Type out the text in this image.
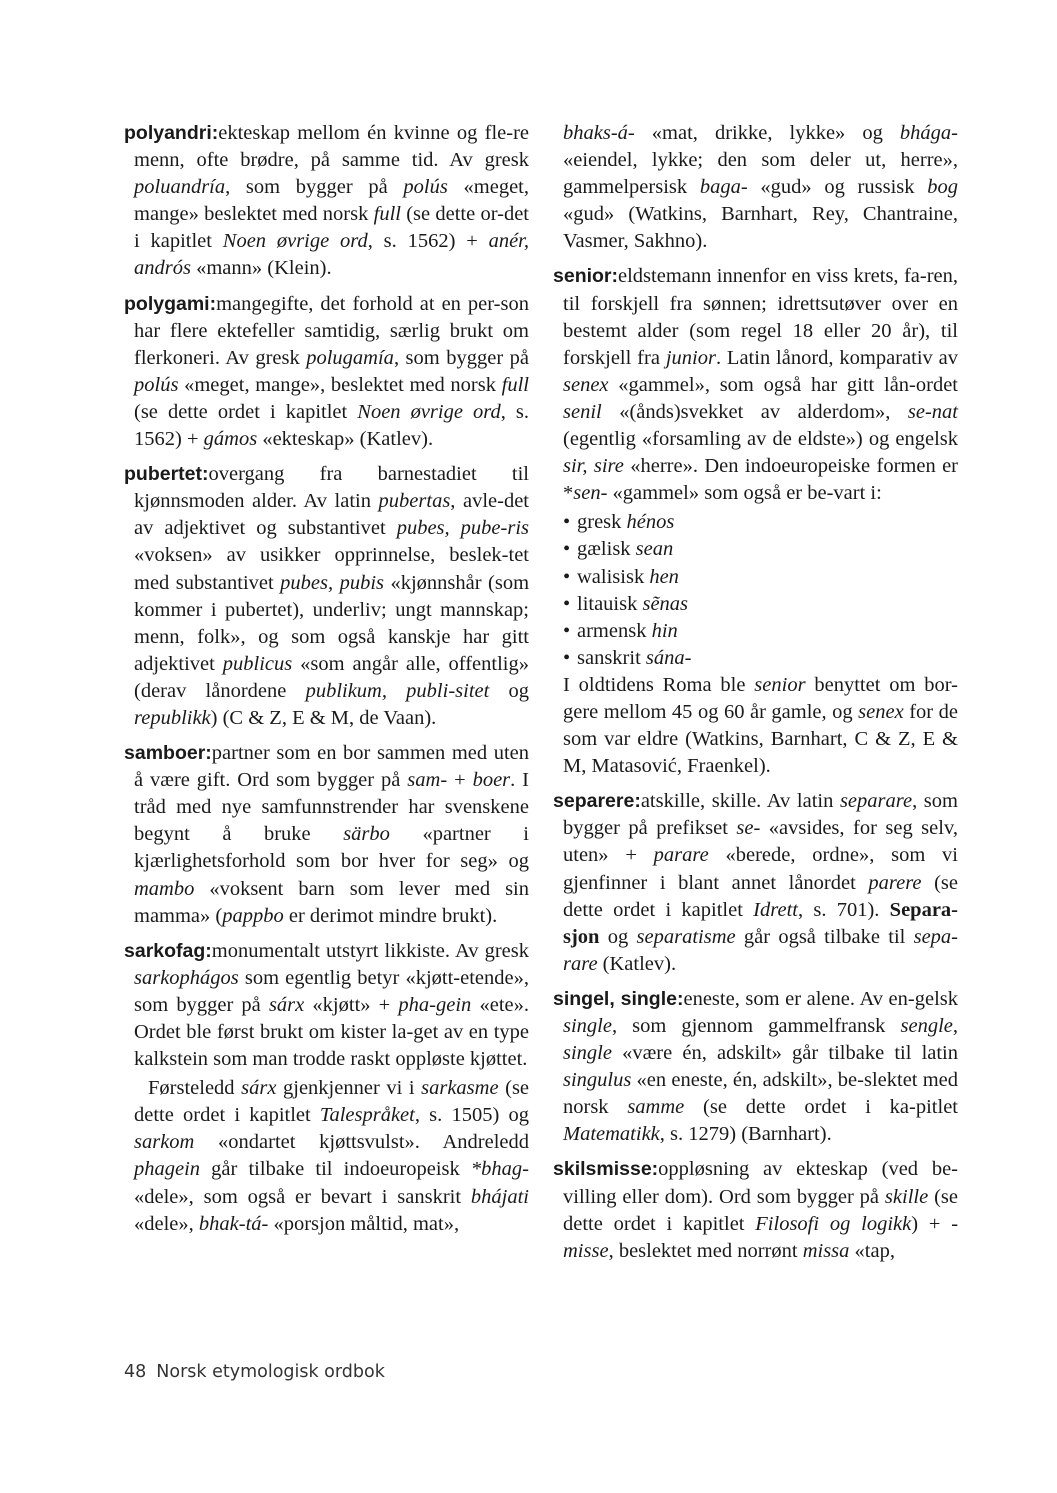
polyandri:ekteskap mellom én kvinne og fle-re menn, ofte brødre, på samme tid. Av gresk poluandría, som bygger på polús «meget, mange» beslektet med norsk full (se dette or-det i kapitlet Noen øvrige ord, s. 1562) + anér, andrós «mann» (Klein).

polygami:mangegifte, det forhold at en per-son har flere ektefeller samtidig, særlig brukt om flerkoneri. Av gresk polugamía, som bygger på polús «meget, mange», beslektet med norsk full (se dette ordet i kapitlet Noen øvrige ord, s. 1562) + gámos «ekteskap» (Katlev).

pubertet:overgang fra barnestadiet til kjønnsmoden alder. Av latin pubertas, avle-det av adjektivet og substantivet pubes, pube-ris «voksen» av usikker opprinnelse, beslek-tet med substantivet pubes, pubis «kjønnshår (som kommer i pubertet), underliv; ungt mannskap; menn, folk», og som også kanskje har gitt adjektivet publicus «som angår alle, offentlig» (derav lånordene publikum, publi-sitet og republikk) (C & Z, E & M, de Vaan).

samboer:partner som en bor sammen med uten å være gift. Ord som bygger på sam- + boer. I tråd med nye samfunnstrender har svenskene begynt å bruke särbo «partner i kjærlighetsforhold som bor hver for seg» og mambo «voksent barn som lever med sin mamma» (pappbo er derimot mindre brukt).

sarkofag:monumentalt utstyrt likkiste. Av gresk sarkophágos som egentlig betyr «kjøtt-etende», som bygger på sárx «kjøtt» + pha-gein «ete». Ordet ble først brukt om kister la-get av en type kalkstein som man trodde raskt oppløste kjøttet.

Førsteledd sárx gjenkjenner vi i sarkasme (se dette ordet i kapitlet Talespråket, s. 1505) og sarkom «ondartet kjøttsvulst». Andreledd phagein går tilbake til indoeuropeisk *bhag- «dele», som også er bevart i sanskrit bhájati «dele», bhak-tá- «porsjon måltid, mat»,

bhaks-á- «mat, drikke, lykke» og bhága- «eiendel, lykke; den som deler ut, herre», gammelpersisk baga- «gud» og russisk bog «gud» (Watkins, Barnhart, Rey, Chantraine, Vasmer, Sakhno).

senior:eldstemann innenfor en viss krets, fa-ren, til forskjell fra sønnen; idrettsutøver over en bestemt alder (som regel 18 eller 20 år), til forskjell fra junior. Latin lånord, komparativ av senex «gammel», som også har gitt lån-ordet senil «(ånds)svekket av alderdom», se-nat (egentlig «forsamling av de eldste») og engelsk sir, sire «herre». Den indoeuropeiske formen er *sen- «gammel» som også er be-vart i:

• gresk hénos
• gælisk sean
• walisisk hen
• litauisk sẽnas
• armensk hin
• sanskrit sána-

I oldtidens Roma ble senior benyttet om bor-gere mellom 45 og 60 år gamle, og senex for de som var eldre (Watkins, Barnhart, C & Z, E & M, Matasović, Fraenkel).

separere:atskille, skille. Av latin separare, som bygger på prefikset se- «avsides, for seg selv, uten» + parare «berede, ordne», som vi gjenfinner i blant annet lånordet parere (se dette ordet i kapitlet Idrett, s. 701). Separa-sjon og separatisme går også tilbake til sepa-rare (Katlev).

singel, single:eneste, som er alene. Av en-gelsk single, som gjennom gammelfransk sengle, single «være én, adskilt» går tilbake til latin singulus «en eneste, én, adskilt», be-slektet med norsk samme (se dette ordet i ka-pitlet Matematikk, s. 1279) (Barnhart).

skilsmisse:oppløsning av ekteskap (ved be-villing eller dom). Ord som bygger på skille (se dette ordet i kapitlet Filosofi og logikk) + -misse, beslektet med norrønt missa «tap,

48 Norsk etymologisk ordbok
